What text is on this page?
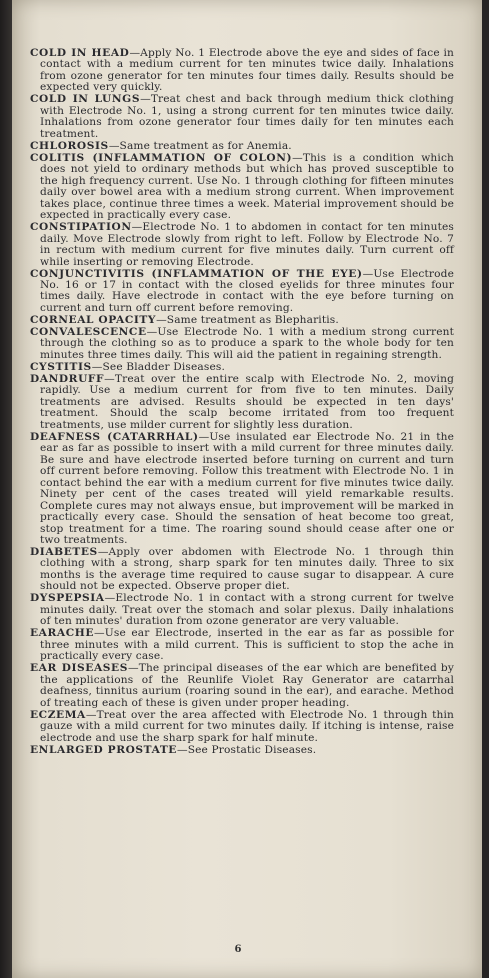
COLD IN HEAD—Apply No. 1 Electrode above the eye and sides of face in contact with a medium current for ten minutes twice daily. Inhalations from ozone generator for ten minutes four times daily. Results should be expected very quickly.

COLD IN LUNGS—Treat chest and back through medium thick clothing with Electrode No. 1, using a strong current for ten minutes twice daily. Inhalations from ozone generator four times daily for ten minutes each treatment.

CHLOROSIS—Same treatment as for Anemia.

COLITIS (INFLAMMATION OF COLON)—This is a condition which does not yield to ordinary methods but which has proved susceptible to the high frequency current. Use No. 1 through clothing for fifteen minutes daily over bowel area with a medium strong current. When improvement takes place, continue three times a week. Material improvement should be expected in practically every case.

CONSTIPATION—Electrode No. 1 to abdomen in contact for ten minutes daily. Move Electrode slowly from right to left. Follow by Electrode No. 7 in rectum with medium current for five minutes daily. Turn current off while inserting or removing Electrode.

CONJUNCTIVITIS (INFLAMMATION OF THE EYE)—Use Electrode No. 16 or 17 in contact with the closed eyelids for three minutes four times daily. Have electrode in contact with the eye before turning on current and turn off current before removing.

CORNEAL OPACITY—Same treatment as Blepharitis.

CONVALESCENCE—Use Electrode No. 1 with a medium strong current through the clothing so as to produce a spark to the whole body for ten minutes three times daily. This will aid the patient in regaining strength.

CYSTITIS—See Bladder Diseases.

DANDRUFF—Treat over the entire scalp with Electrode No. 2, moving rapidly. Use a medium current for from five to ten minutes. Daily treatments are advised. Results should be expected in ten days' treatment. Should the scalp become irritated from too frequent treatments, use milder current for slightly less duration.

DEAFNESS (CATARRHAL)—Use insulated ear Electrode No. 21 in the ear as far as possible to insert with a mild current for three minutes daily. Be sure and have electrode inserted before turning on current and turn off current before removing. Follow this treatment with Electrode No. 1 in contact behind the ear with a medium current for five minutes twice daily. Ninety per cent of the cases treated will yield remarkable results. Complete cures may not always ensue, but improvement will be marked in practically every case. Should the sensation of heat become too great, stop treatment for a time. The roaring sound should cease after one or two treatments.

DIABETES—Apply over abdomen with Electrode No. 1 through thin clothing with a strong, sharp spark for ten minutes daily. Three to six months is the average time required to cause sugar to disappear. A cure should not be expected. Observe proper diet.

DYSPEPSIA—Electrode No. 1 in contact with a strong current for twelve minutes daily. Treat over the stomach and solar plexus. Daily inhalations of ten minutes' duration from ozone generator are very valuable.

EARACHE—Use ear Electrode, inserted in the ear as far as possible for three minutes with a mild current. This is sufficient to stop the ache in practically every case.

EAR DISEASES—The principal diseases of the ear which are benefited by the applications of the Reunlife Violet Ray Generator are catarrhal deafness, tinnitus aurium (roaring sound in the ear), and earache. Method of treating each of these is given under proper heading.

ECZEMA—Treat over the area affected with Electrode No. 1 through thin gauze with a mild current for two minutes daily. If itching is intense, raise electrode and use the sharp spark for half minute.

ENLARGED PROSTATE—See Prostatic Diseases.

6
